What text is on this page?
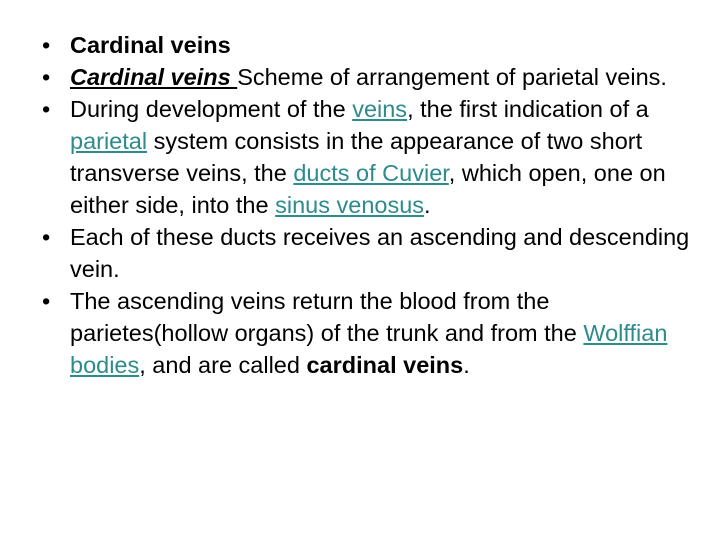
• Cardinal veins
• Cardinal veins Scheme of arrangement of parietal veins.
• During development of the veins, the first indication of a parietal system consists in the appearance of two short transverse veins, the ducts of Cuvier, which open, one on either side, into the sinus venosus.
• Each of these ducts receives an ascending and descending vein.
• The ascending veins return the blood from the parietes(hollow organs) of the trunk and from the Wolffian bodies, and are called cardinal veins.
